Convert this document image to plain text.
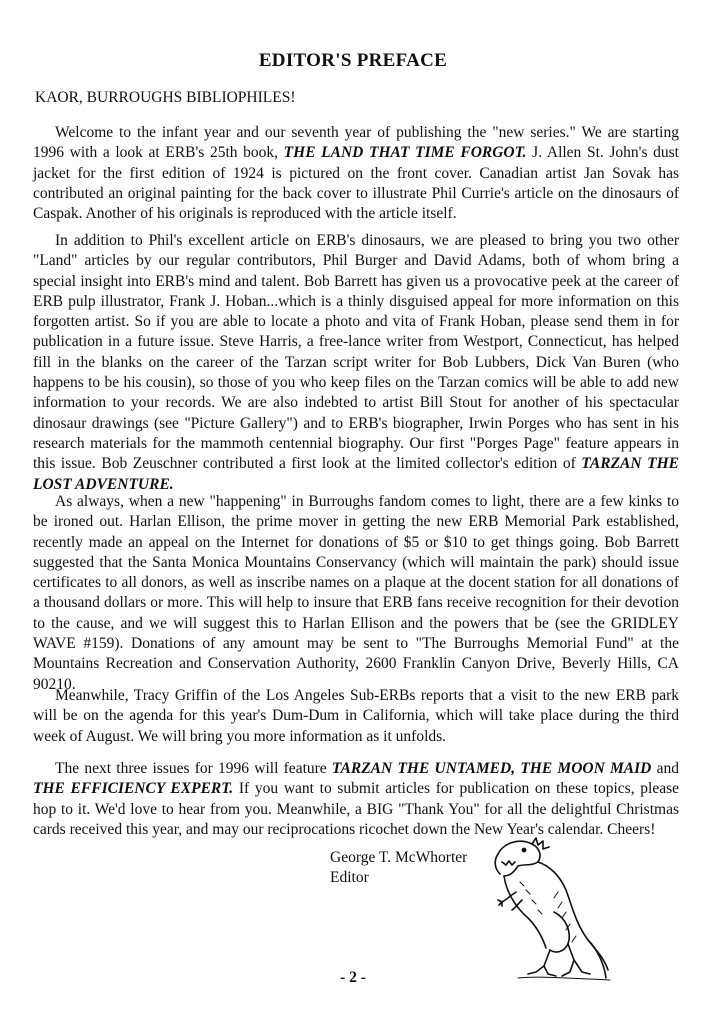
EDITOR'S PREFACE
KAOR, BURROUGHS BIBLIOPHILES!

Welcome to the infant year and our seventh year of publishing the "new series." We are starting 1996 with a look at ERB's 25th book, THE LAND THAT TIME FORGOT. J. Allen St. John's dust jacket for the first edition of 1924 is pictured on the front cover. Canadian artist Jan Sovak has contributed an original painting for the back cover to illustrate Phil Currie's article on the dinosaurs of Caspak. Another of his originals is reproduced with the article itself.

In addition to Phil's excellent article on ERB's dinosaurs, we are pleased to bring you two other "Land" articles by our regular contributors, Phil Burger and David Adams, both of whom bring a special insight into ERB's mind and talent. Bob Barrett has given us a provocative peek at the career of ERB pulp illustrator, Frank J. Hoban...which is a thinly disguised appeal for more information on this forgotten artist. So if you are able to locate a photo and vita of Frank Hoban, please send them in for publication in a future issue. Steve Harris, a free-lance writer from Westport, Connecticut, has helped fill in the blanks on the career of the Tarzan script writer for Bob Lubbers, Dick Van Buren (who happens to be his cousin), so those of you who keep files on the Tarzan comics will be able to add new information to your records. We are also indebted to artist Bill Stout for another of his spectacular dinosaur drawings (see "Picture Gallery") and to ERB's biographer, Irwin Porges who has sent in his research materials for the mammoth centennial biography. Our first "Porges Page" feature appears in this issue. Bob Zeuschner contributed a first look at the limited collector's edition of TARZAN THE LOST ADVENTURE.

As always, when a new "happening" in Burroughs fandom comes to light, there are a few kinks to be ironed out. Harlan Ellison, the prime mover in getting the new ERB Memorial Park established, recently made an appeal on the Internet for donations of $5 or $10 to get things going. Bob Barrett suggested that the Santa Monica Mountains Conservancy (which will maintain the park) should issue certificates to all donors, as well as inscribe names on a plaque at the docent station for all donations of a thousand dollars or more. This will help to insure that ERB fans receive recognition for their devotion to the cause, and we will suggest this to Harlan Ellison and the powers that be (see the GRIDLEY WAVE #159). Donations of any amount may be sent to "The Burroughs Memorial Fund" at the Mountains Recreation and Conservation Authority, 2600 Franklin Canyon Drive, Beverly Hills, CA 90210.

Meanwhile, Tracy Griffin of the Los Angeles Sub-ERBs reports that a visit to the new ERB park will be on the agenda for this year's Dum-Dum in California, which will take place during the third week of August. We will bring you more information as it unfolds.

The next three issues for 1996 will feature TARZAN THE UNTAMED, THE MOON MAID and THE EFFICIENCY EXPERT. If you want to submit articles for publication on these topics, please hop to it. We'd love to hear from you. Meanwhile, a BIG "Thank You" for all the delightful Christmas cards received this year, and may our reciprocations ricochet down the New Year's calendar. Cheers!

George T. McWhorter
Editor
- 2 -
